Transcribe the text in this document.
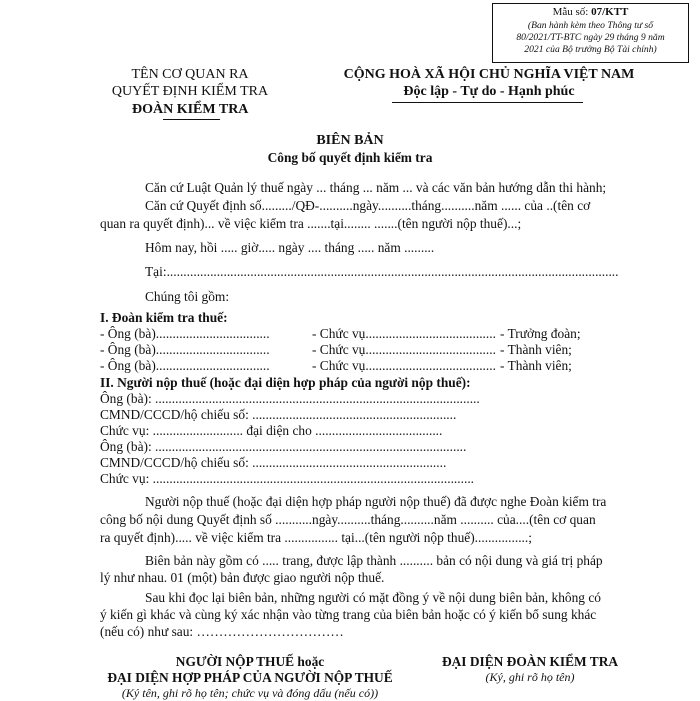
Mẫu số: 07/KTT
(Ban hành kèm theo Thông tư số
80/2021/TT-BTC ngày 29 tháng 9 năm
2021 của Bộ trưởng Bộ Tài chính)
TÊN CƠ QUAN RA
QUYẾT ĐỊNH KIỂM TRA
ĐOÀN KIỂM TRA
CỘNG HOÀ XÃ HỘI CHỦ NGHĨA VIỆT NAM
Độc lập - Tự do - Hạnh phúc
BIÊN BẢN
Công bố quyết định kiểm tra
Căn cứ Luật Quản lý thuế ngày ... tháng ... năm ... và các văn bản hướng dẫn thi hành;
Căn cứ Quyết định số........./QĐ-..........ngày..........tháng..........năm ...... của ..(tên cơ
quan ra quyết định)... về việc kiểm tra .......tại........ .......(tên người nộp thuế)...;
Hôm nay, hồi ..... giờ..... ngày .... tháng ..... năm .........
Tại:.......................................................................................................................................
Chúng tôi gồm:
I. Đoàn kiểm tra thuế:
- Ông (bà)..................................	- Chức vụ....................................... - Trưởng đoàn;
- Ông (bà)..................................	- Chức vụ....................................... - Thành viên;
- Ông (bà)..................................	- Chức vụ....................................... - Thành viên;
II. Người nộp thuế (hoặc đại diện hợp pháp của người nộp thuế):
Ông (bà): .................................................................................................
CMND/CCCD/hộ chiếu số: .............................................................
Chức vụ: ........................... đại diện cho ......................................
Ông (bà): .............................................................................................
CMND/CCCD/hộ chiếu số: ..........................................................
Chức vụ: ................................................................................................
Người nộp thuế (hoặc đại diện hợp pháp người nộp thuế) đã được nghe Đoàn kiểm tra
công bố nội dung Quyết định số ...........ngày..........tháng..........năm .......... của....(tên cơ quan
ra quyết định)..... về việc kiểm tra ................ tại...(tên người nộp thuế)................;
Biên bản này gồm có ..... trang, được lập thành .......... bản có nội dung và giá trị pháp
lý như nhau. 01 (một) bản được giao người nộp thuế.
Sau khi đọc lại biên bản, những người có mặt đồng ý về nội dung biên bản, không có
ý kiến gì khác và cùng ký xác nhận vào từng trang của biên bản hoặc có ý kiến bổ sung khác
(nếu có) như sau: ……………………………
NGƯỜI NỘP THUẾ hoặc
ĐẠI DIỆN HỢP PHÁP CỦA NGƯỜI NỘP THUẾ
(Ký tên, ghi rõ họ tên; chức vụ và đóng dấu (nếu có))
ĐẠI DIỆN ĐOÀN KIỂM TRA
(Ký, ghi rõ họ tên)
